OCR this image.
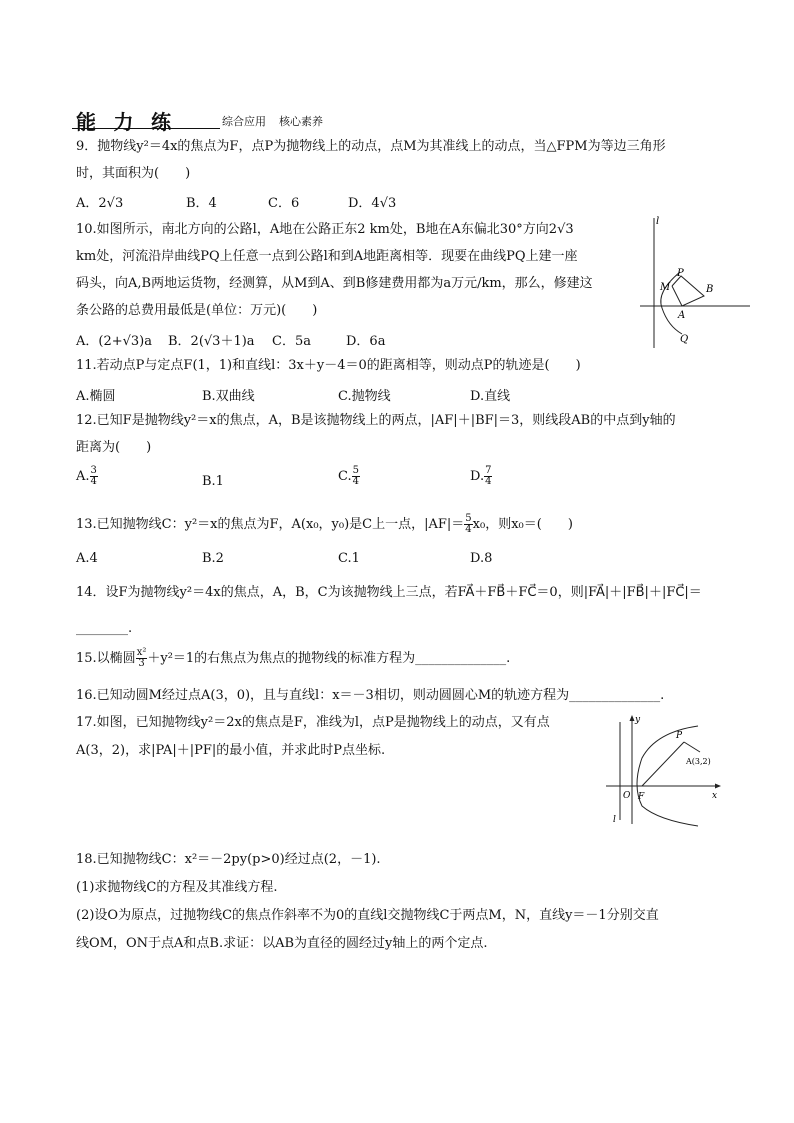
能 力 练	综合应用 核心素养
9．抛物线y²＝4x的焦点为F，点P为抛物线上的动点，点M为其准线上的动点，当△FPM为等边三角形
时，其面积为(　　)
A．2√3	B．4	C．6	D．4√3
10.如图所示，南北方向的公路l，A地在公路正东2 km处，B地在A东偏北30°方向2√3
km处，河流沿岸曲线PQ上任意一点到公路l和到A地距离相等．现要在曲线PQ上建一座
码头，向A,B两地运货物，经测算，从M到A、到B修建费用都为a万元/km，那么，修建这
条公路的总费用最低是(单位：万元)(　　)
A．(2+√3)a B．2(√3＋1)a C．5a	D．6a
l
P
M	B
A
Q
11.若动点P与定点F(1，1)和直线l：3x＋y－4＝0的距离相等，则动点P的轨迹是(　　)
A.椭圆	B.双曲线	C.抛物线	D.直线
12.已知F是抛物线y²＝x的焦点，A，B是该抛物线上的两点，|AF|＋|BF|＝3，则线段AB的中点到y轴的
距离为(　　)
A. $\frac{3}{4}$	B.1	C. $\frac{5}{4}$	D. $\frac{7}{4}$
13.已知抛物线C：y²＝x的焦点为F，A(x₀，y₀)是C上一点，$|AF|= \frac{5}{4} x_0$，则x₀＝(　　)
A.4	B.2	C.1	D.8
14．设F为抛物线y²＝4x的焦点，A，B，C为该抛物线上三点，若FA⃗＋FB⃗＋FC⃗＝0，则|FA⃗|＋|FB⃗|＋|FC⃗|＝
________.
15.以椭圆 $\frac{\text{x²}}{3} +y^2=1$的右焦点为焦点的抛物线的标准方程为______________.
16.已知动圆M经过点A(3，0)，且与直线l：x＝－3相切，则动圆圆心M的轨迹方程为______________.
17.如图，已知抛物线y²＝2x的焦点是F，准线为l，点P是抛物线上的动点，又有点
A(3，2)，求|PA|＋|PF|的最小值，并求此时P点坐标.
y
x
P
A(3,2)
O F
l
18.已知抛物线C：x²＝－2py(p>0)经过点(2，－1).
(1)求抛物线C的方程及其准线方程.
(2)设O为原点，过抛物线C的焦点作斜率不为0的直线l交抛物线C于两点M，N，直线y＝－1分别交直
线OM，ON于点A和点B.求证：以AB为直径的圆经过y轴上的两个定点.
